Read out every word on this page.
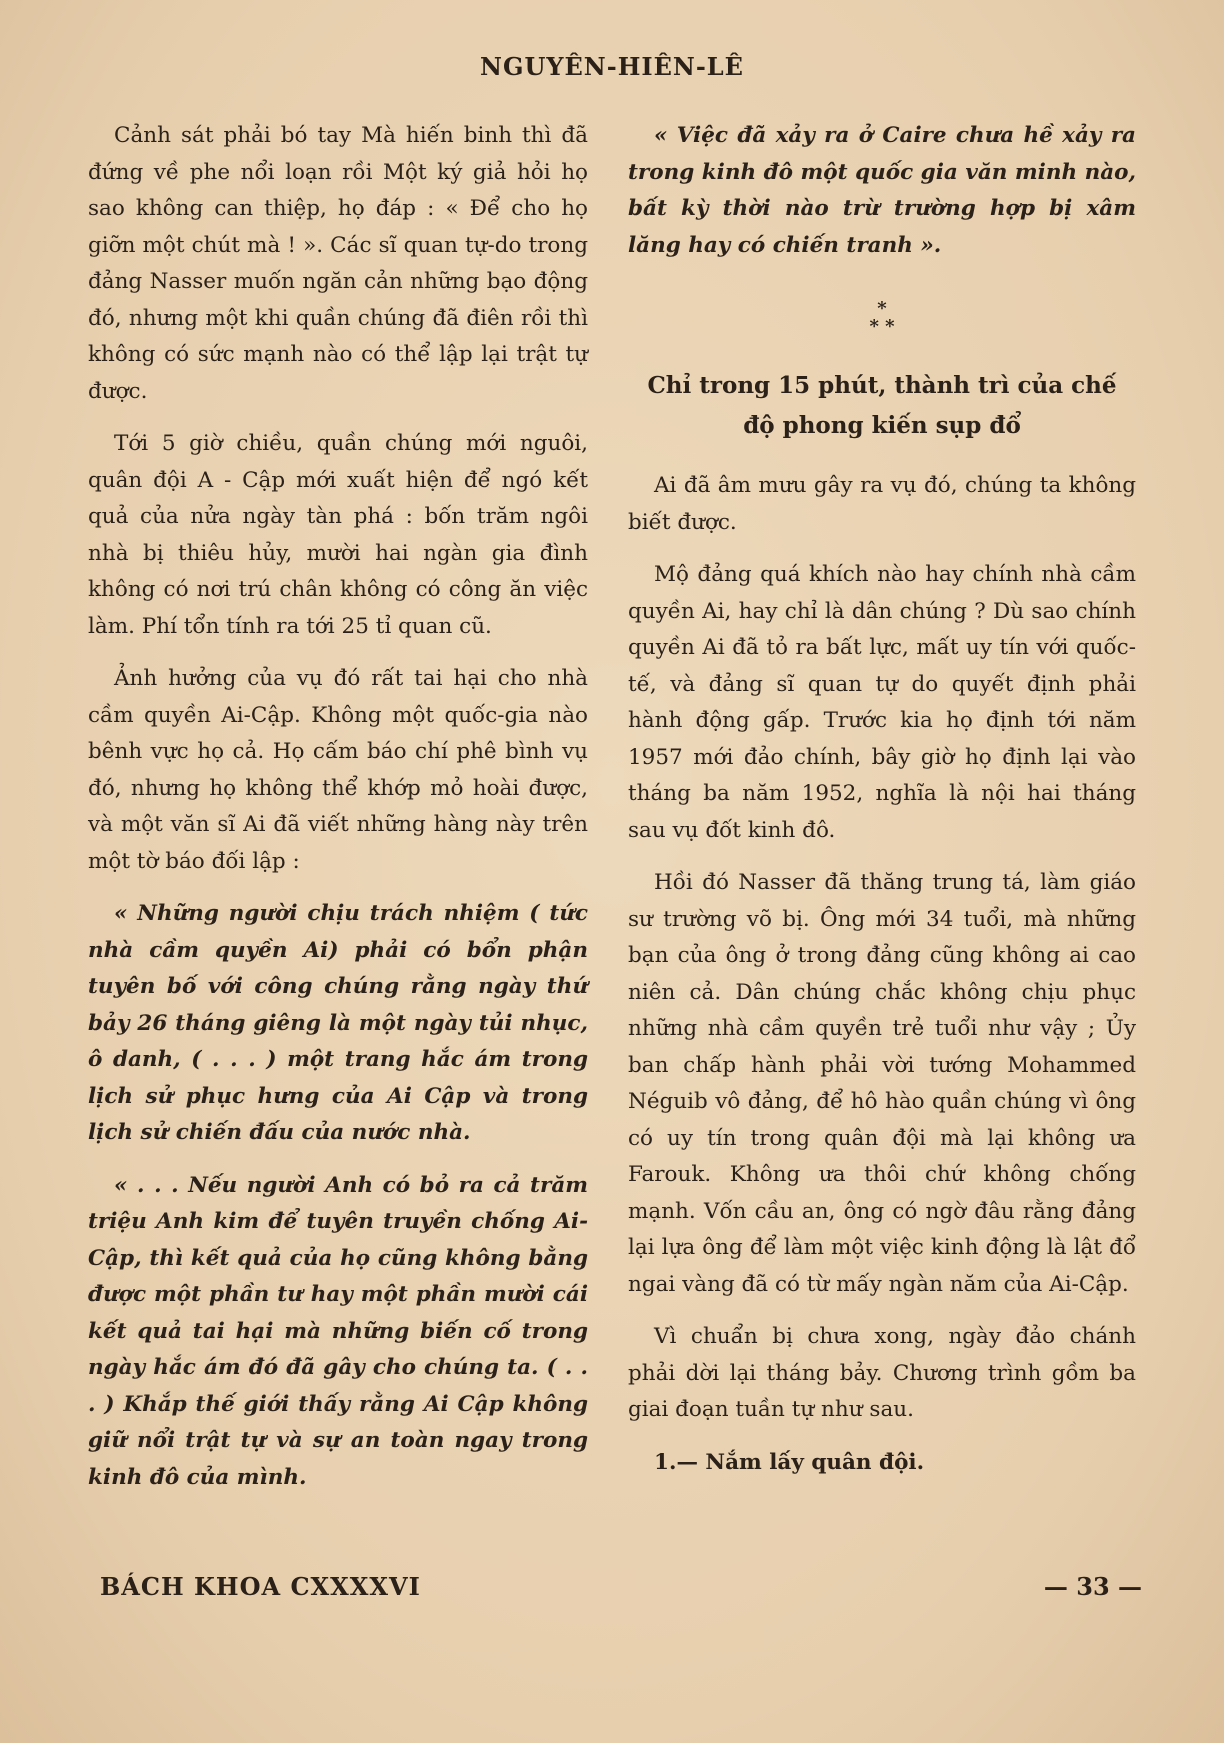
NGUYÊN-HIÊN-LÊ

Cảnh sát phải bó tay Mà hiến binh thì đã đứng về phe nổi loạn rồi Một ký giả hỏi họ sao không can thiệp, họ đáp : « Để cho họ giỡn một chút mà ! ». Các sĩ quan tự-do trong đảng Nasser muốn ngăn cản những bạo động đó, nhưng một khi quần chúng đã điên rồi thì không có sức mạnh nào có thể lập lại trật tự được.

Tới 5 giờ chiều, quần chúng mới nguôi, quân đội A - Cập mới xuất hiện để ngó kết quả của nửa ngày tàn phá : bốn trăm ngôi nhà bị thiêu hủy, mười hai ngàn gia đình không có nơi trú chân không có công ăn việc làm. Phí tổn tính ra tới 25 tỉ quan cũ.

Ảnh hưởng của vụ đó rất tai hại cho nhà cầm quyền Ai-Cập. Không một quốc-gia nào bênh vực họ cả. Họ cấm báo chí phê bình vụ đó, nhưng họ không thể khớp mỏ hoài được, và một văn sĩ Ai đã viết những hàng này trên một tờ báo đối lập :

« Những người chịu trách nhiệm ( tức nhà cầm quyền Ai) phải có bổn phận tuyên bố với công chúng rằng ngày thứ bảy 26 tháng giêng là một ngày tủi nhục, ô danh, ( . . . ) một trang hắc ám trong lịch sử phục hưng của Ai Cập và trong lịch sử chiến đấu của nước nhà.

« . . . Nếu người Anh có bỏ ra cả trăm triệu Anh kim để tuyên truyền chống Ai-Cập, thì kết quả của họ cũng không bằng được một phần tư hay một phần mười cái kết quả tai hại mà những biến cố trong ngày hắc ám đó đã gây cho chúng ta. ( . . . ) Khắp thế giới thấy rằng Ai Cập không giữ nổi trật tự và sự an toàn ngay trong kinh đô của mình.

« Việc đã xảy ra ở Caire chưa hề xảy ra trong kinh đô một quốc gia văn minh nào, bất kỳ thời nào trừ trường hợp bị xâm lăng hay có chiến tranh ».

*
* *
Chỉ trong 15 phút, thành trì của chế độ phong kiến sụp đổ

Ai đã âm mưu gây ra vụ đó, chúng ta không biết được.

Mộ đảng quá khích nào hay chính nhà cầm quyền Ai, hay chỉ là dân chúng ? Dù sao chính quyền Ai đã tỏ ra bất lực, mất uy tín với quốc-tế, và đảng sĩ quan tự do quyết định phải hành động gấp. Trước kia họ định tới năm 1957 mới đảo chính, bây giờ họ định lại vào tháng ba năm 1952, nghĩa là nội hai tháng sau vụ đốt kinh đô.

Hồi đó Nasser đã thăng trung tá, làm giáo sư trường võ bị. Ông mới 34 tuổi, mà những bạn của ông ở trong đảng cũng không ai cao niên cả. Dân chúng chắc không chịu phục những nhà cầm quyền trẻ tuổi như vậy ; Ủy ban chấp hành phải vời tướng Mohammed Néguib vô đảng, để hô hào quần chúng vì ông có uy tín trong quân đội mà lại không ưa Farouk. Không ưa thôi chứ không chống mạnh. Vốn cầu an, ông có ngờ đâu rằng đảng lại lựa ông để làm một việc kinh động là lật đổ ngai vàng đã có từ mấy ngàn năm của Ai-Cập.

Vì chuẩn bị chưa xong, ngày đảo chánh phải dời lại tháng bảy. Chương trình gồm ba giai đoạn tuần tự như sau.

1.— Nắm lấy quân đội.

BÁCH KHOA CXXXXVI	— 33 —
